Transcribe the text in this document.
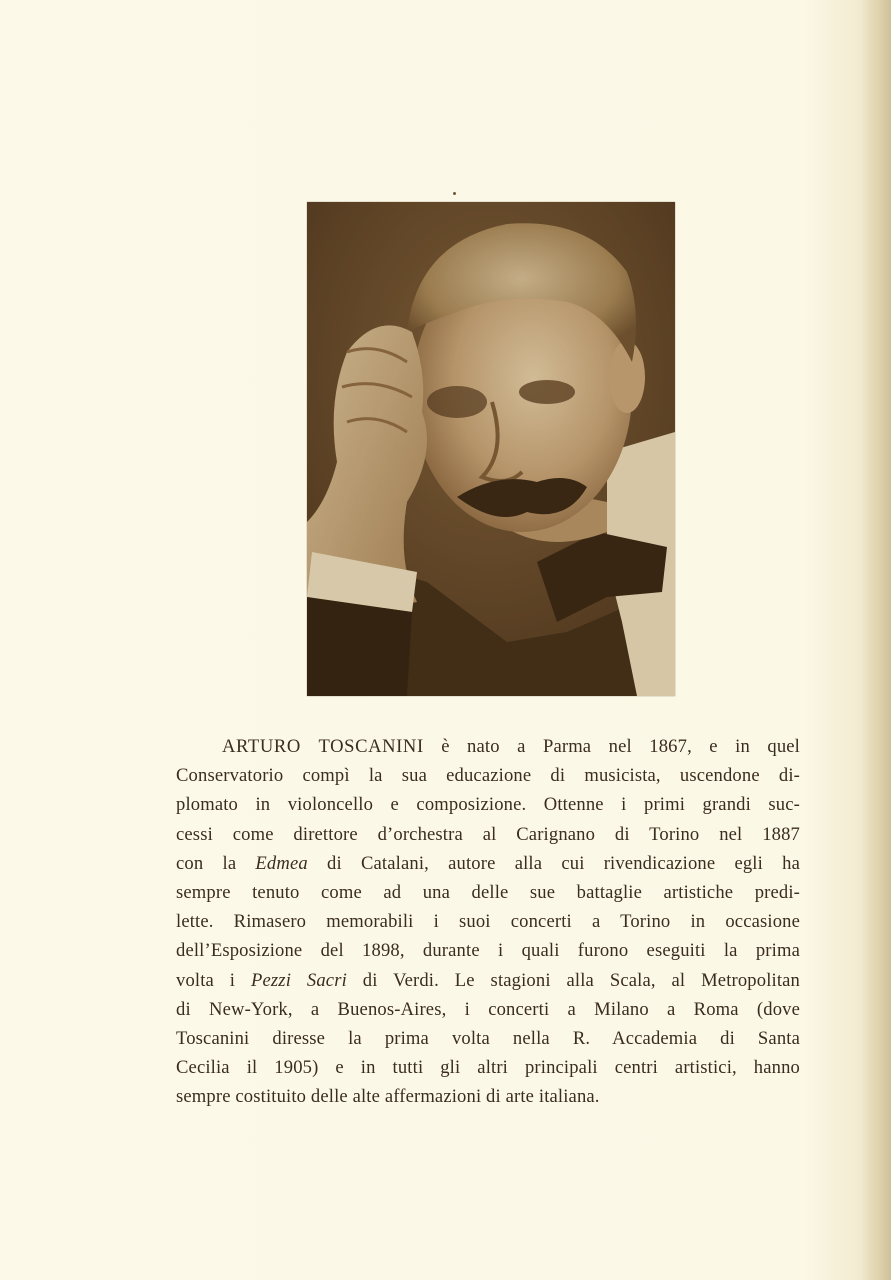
ARTURO TOSCANINI è nato a Parma nel 1867, e in quel
Conservatorio compì la sua educazione di musicista, uscendone di-
plomato in violoncello e composizione. Ottenne i primi grandi suc-
cessi come direttore d’orchestra al Carignano di Torino nel 1887
con la Edmea di Catalani, autore alla cui rivendicazione egli ha
sempre tenuto come ad una delle sue battaglie artistiche predi-
lette. Rimasero memorabili i suoi concerti a Torino in occasione
dell’Esposizione del 1898, durante i quali furono eseguiti la prima
volta i Pezzi Sacri di Verdi. Le stagioni alla Scala, al Metropolitan
di New-York, a Buenos-Aires, i concerti a Milano a Roma (dove
Toscanini diresse la prima volta nella R. Accademia di Santa
Cecilia il 1905) e in tutti gli altri principali centri artistici, hanno
sempre costituito delle alte affermazioni di arte italiana.
